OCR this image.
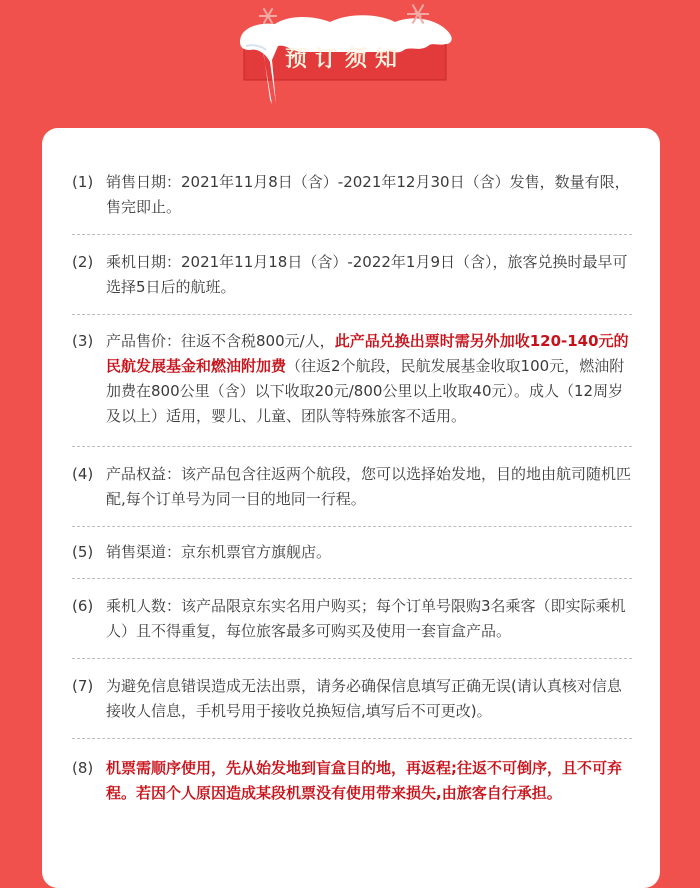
预订须知
(1) 销售日期：2021年11月8日（含）-2021年12月30日（含）发售，数量有限，售完即止。
(2) 乘机日期：2021年11月18日（含）-2022年1月9日（含），旅客兑换时最早可选择5日后的航班。
(3) 产品售价：往返不含税800元/人，此产品兑换出票时需另外加收120-140元的民航发展基金和燃油附加费（往返2个航段，民航发展基金收取100元，燃油附加费在800公里（含）以下收取20元/800公里以上收取40元）。成人（12周岁及以上）适用，婴儿、儿童、团队等特殊旅客不适用。
(4) 产品权益：该产品包含往返两个航段，您可以选择始发地，目的地由航司随机匹配,每个订单号为同一目的地同一行程。
(5) 销售渠道：京东机票官方旗舰店。
(6) 乘机人数：该产品限京东实名用户购买；每个订单号限购3名乘客（即实际乘机人）且不得重复，每位旅客最多可购买及使用一套盲盒产品。
(7) 为避免信息错误造成无法出票，请务必确保信息填写正确无误(请认真核对信息接收人信息，手机号用于接收兑换短信,填写后不可更改)。
(8) 机票需顺序使用，先从始发地到盲盒目的地，再返程;往返不可倒序，且不可弃程。若因个人原因造成某段机票没有使用带来损失,由旅客自行承担。
